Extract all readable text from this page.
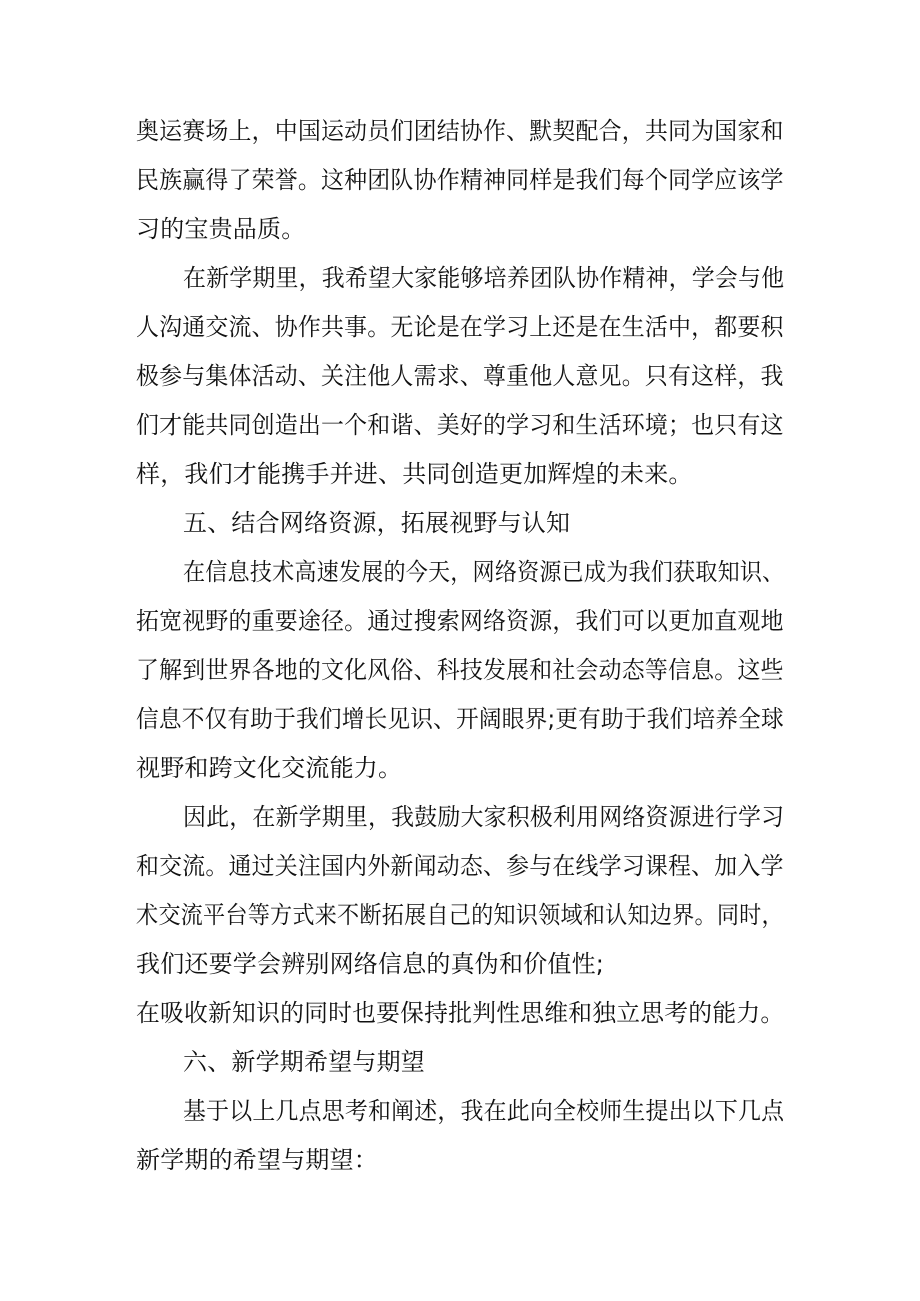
奥运赛场上，中国运动员们团结协作、默契配合，共同为国家和
民族赢得了荣誉。这种团队协作精神同样是我们每个同学应该学
习的宝贵品质。
在新学期里，我希望大家能够培养团队协作精神，学会与他
人沟通交流、协作共事。无论是在学习上还是在生活中，都要积
极参与集体活动、关注他人需求、尊重他人意见。只有这样，我
们才能共同创造出一个和谐、美好的学习和生活环境；也只有这
样，我们才能携手并进、共同创造更加辉煌的未来。
五、结合网络资源，拓展视野与认知
在信息技术高速发展的今天，网络资源已成为我们获取知识、
拓宽视野的重要途径。通过搜索网络资源，我们可以更加直观地
了解到世界各地的文化风俗、科技发展和社会动态等信息。这些
信息不仅有助于我们增长见识、开阔眼界;更有助于我们培养全球
视野和跨文化交流能力。
因此，在新学期里，我鼓励大家积极利用网络资源进行学习
和交流。通过关注国内外新闻动态、参与在线学习课程、加入学
术交流平台等方式来不断拓展自己的知识领域和认知边界。同时，
我们还要学会辨别网络信息的真伪和价值性;
在吸收新知识的同时也要保持批判性思维和独立思考的能力。
六、新学期希望与期望
基于以上几点思考和阐述，我在此向全校师生提出以下几点
新学期的希望与期望：
